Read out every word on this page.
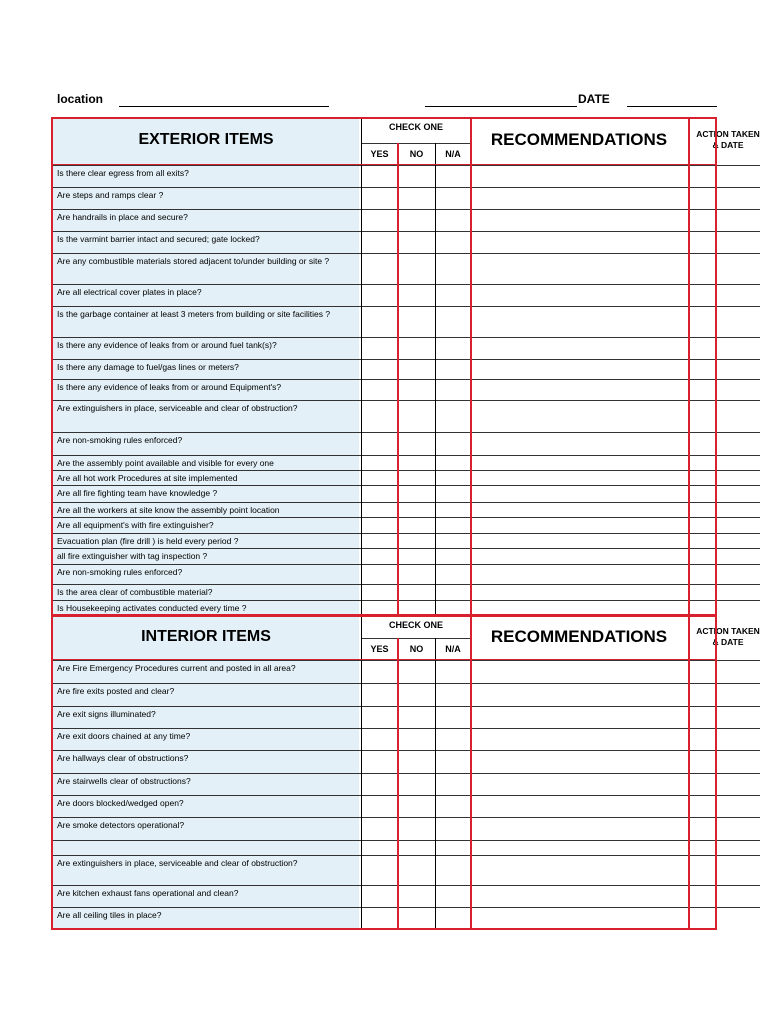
location	DATE
EXTERIOR ITEMS
CHECK ONE
YES	NO	N/A
RECOMMENDATIONS	ACTION TAKEN
& DATE
Is there clear egress from all exits?
Are steps and ramps clear ?
Are handrails in place and secure?
Is the varmint barrier intact and secured; gate locked?
Are any combustible materials stored adjacent to/under building or site ?
Are all electrical cover plates in place?
Is the garbage container at least 3 meters from building or site facilities ?
Is there any evidence of leaks from or around fuel tank(s)?
Is there any damage to fuel/gas lines or meters?
Is there any evidence of leaks from or around Equipment's?
Are extinguishers in place, serviceable and clear of obstruction?
Are non-smoking rules enforced?
Are the assembly point available and visible for every one
Are all hot work Procedures at site implemented
Are all fire fighting team have knowledge ?
Are all the workers at site know the assembly point location
Are all equipment's with fire extinguisher?
Evacuation plan (fire drill ) is held every period ?
all fire extinguisher with tag inspection ?
Are non-smoking rules enforced?
Is the area clear of combustible material?
Is Housekeeping activates conducted every time ?
INTERIOR ITEMS
CHECK ONE
YES	NO	N/A
RECOMMENDATIONS	ACTION TAKEN
& DATE
Are Fire Emergency Procedures current and posted in all area?
Are fire exits posted and clear?
Are exit signs illuminated?
Are exit doors chained at any time?
Are hallways clear of obstructions?
Are stairwells clear of obstructions?
Are doors blocked/wedged open?
Are smoke detectors operational?
Are extinguishers in place, serviceable and clear of obstruction?
Are kitchen exhaust fans operational and clean?
Are all ceiling tiles in place?
